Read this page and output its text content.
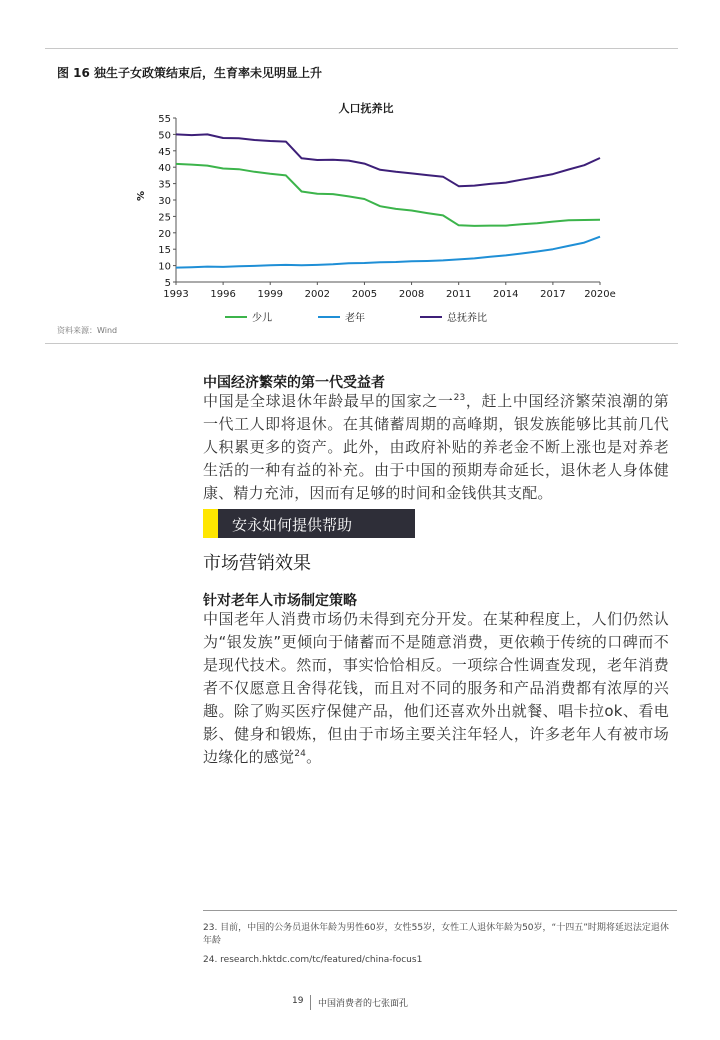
图 16 独生子女政策结束后，生育率未见明显上升
人口抚养比
%
5
10
15
20
25
30
35
40
45
50
55
1993 1996 1999 2002 2005 2008 2011 2014 2017 2020e
少儿	老年	总抚养比
资料来源：Wind
中国经济繁荣的第一代受益者
中国是全球退休年龄最早的国家之一$^{23}$，赶上中国经济繁荣浪潮的第一代工人即将退休。在其储蓄周期的高峰期，银发族能够比其前几代人积累更多的资产。此外，由政府补贴的养老金不断上涨也是对养老生活的一种有益的补充。由于中国的预期寿命延长，退休老人身体健康、精力充沛，因而有足够的时间和金钱供其支配。
安永如何提供帮助
市场营销效果
针对老年人市场制定策略
中国老年人消费市场仍未得到充分开发。在某种程度上，人们仍然认为“银发族”更倾向于储蓄而不是随意消费，更依赖于传统的口碑而不是现代技术。然而，事实恰恰相反。一项综合性调查发现，老年消费者不仅愿意且舍得花钱，而且对不同的服务和产品消费都有浓厚的兴趣。除了购买医疗保健产品，他们还喜欢外出就餐、唱卡拉ok、看电影、健身和锻炼，但由于市场主要关注年轻人，许多老年人有被市场边缘化的感觉$^{24}$。
23. 目前，中国的公务员退休年龄为男性60岁，女性55岁，女性工人退休年龄为50岁，“十四五”时期将延迟法定退休年龄
24. research.hktdc.com/tc/featured/china-focus1
19 中国消费者的七张面孔
